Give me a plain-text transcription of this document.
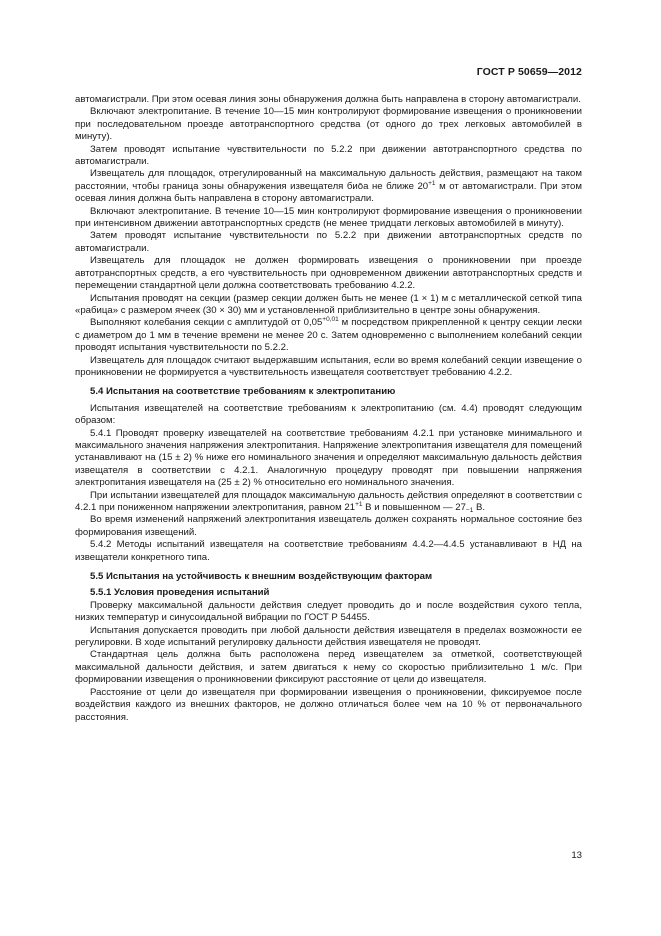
ГОСТ Р 50659—2012

автомагистрали. При этом осевая линия зоны обнаружения должна быть направлена в сторону автомагистрали.

Включают электропитание. В течение 10—15 мин контролируют формирование извещения о проникновении при последовательном проезде автотранспортного средства (от одного до трех легковых автомобилей в минуту).

Затем проводят испытание чувствительности по 5.2.2 при движении автотранспортного средства по автомагистрали.

Извещатель для площадок, отрегулированный на максимальную дальность действия, размещают на таком расстоянии, чтобы граница зоны обнаружения извещателя био̄а не ближе $20^{+1}$ м от автомагистрали. При этом осевая линия должна быть направлена в сторону автомагистрали.

Включают электропитание. В течение 10—15 мин контролируют формирование извещения о проникновении при интенсивном движении автотранспортных средств (не менее тридцати легковых автомобилей в минуту).

Затем проводят испытание чувствительности по 5.2.2 при движении автотранспортных средств по автомагистрали.

Извещатель для площадок не должен формировать извещения о проникновении при проезде автотранспортных средств, а его чувствительность при одновременном движении автотранспортных средств и перемещении стандартной цели должна соответствовать требованию 4.2.2.

Испытания проводят на секции (размер секции должен быть не менее (1 × 1) м с металлической сеткой типа «рабица» с размером ячеек (30 × 30) мм и установленной приблизительно в центре зоны обнаружения.

Выполняют колебания секции с амплитудой от $0,05^{+0,01}$ м посредством прикрепленной к центру секции лески с диаметром до 1 мм в течение времени не менее 20 с. Затем одновременно с выполнением колебаний секции проводят испытания чувствительности по 5.2.2.

Извещатель для площадок считают выдержавшим испытания, если во время колебаний секции извещение о проникновении не формируется а чувствительность извещателя соответствует требованию 4.2.2.

5.4 Испытания на соответствие требованиям к электропитанию

Испытания извещателей на соответствие требованиям к электропитанию (см. 4.4) проводят следующим образом:

5.4.1 Проводят проверку извещателей на соответствие требованиям 4.2.1 при установке минимального и максимального значения напряжения электропитания. Напряжение электропитания извещателя для помещений устанавливают на (15 ± 2) % ниже его номинального значения и определяют максимальную дальность действия извещателя в соответствии с 4.2.1. Аналогичную процедуру проводят при повышении напряжения электропитания извещателя на (25 ± 2) % относительно его номинального значения.

При испытании извещателей для площадок максимальную дальность действия определяют в соответствии с 4.2.1 при пониженном напряжении электропитания, равном $21^{+1}$ В и повышенном — $27_{-1}$ В.

Во время изменений напряжений электропитания извещатель должен сохранять нормальное состояние без формирования извещений.

5.4.2 Методы испытаний извещателя на соответствие требованиям 4.4.2—4.4.5 устанавливают в НД на извещатели конкретного типа.

5.5 Испытания на устойчивость к внешним воздействующим факторам
5.5.1 Условия проведения испытаний

Проверку максимальной дальности действия следует проводить до и после воздействия сухого тепла, низких температур и синусоидальной вибрации по ГОСТ Р 54455.

Испытания допускается проводить при любой дальности действия извещателя в пределах возможности ее регулировки. В ходе испытаний регулировку дальности действия извещателя не проводят.

Стандартная цель должна быть расположена перед извещателем за отметкой, соответствующей максимальной дальности действия, и затем двигаться к нему со скоростью приблизительно 1 м/с. При формировании извещения о проникновении фиксируют расстояние от цели до извещателя.

Расстояние от цели до извещателя при формировании извещения о проникновении, фиксируемое после воздействия каждого из внешних факторов, не должно отличаться более чем на 10 % от первоначального расстояния.

13
